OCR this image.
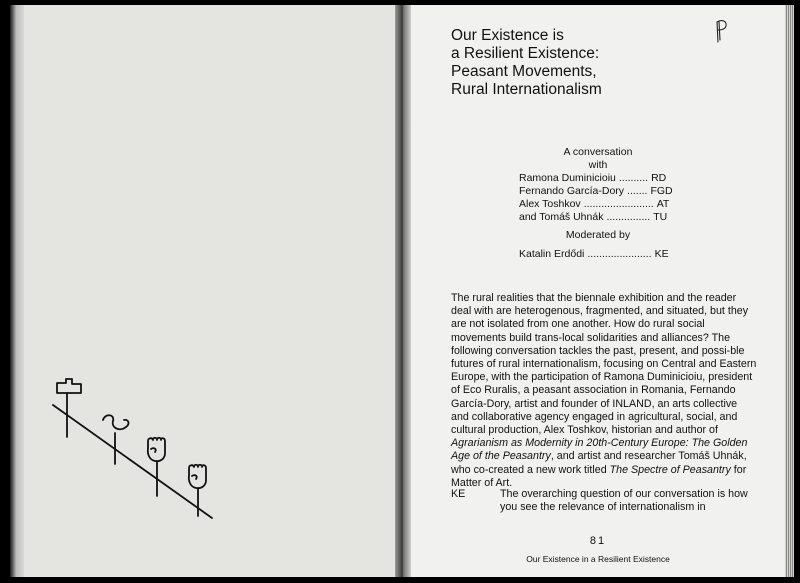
Our Existence is
a Resilient Existence:
Peasant Movements,
Rural Internationalism
A conversation
with
Ramona Duminicioiu .......... RD
Fernando García-Dory ....... FGD
Alex Toshkov ........................ AT
and Tomáš Uhnák ............... TU
Moderated by
Katalin Erdődi ...................... KE

The rural realities that the biennale exhibition and the reader deal with are heterogenous, fragmented, and situated, but they are not isolated from one another. How do rural social movements build trans-local solidarities and alliances? The following conversation tackles the past, present, and possi-ble futures of rural internationalism, focusing on Central and Eastern Europe, with the participation of Ramona Duminicioiu, president of Eco Ruralis, a peasant association in Romania, Fernando García-Dory, artist and founder of INLAND, an arts collective and collaborative agency engaged in agricultural, social, and cultural production, Alex Toshkov, historian and author of Agrarianism as Modernity in 20th-Century Europe: The Golden Age of the Peasantry, and artist and researcher Tomáš Uhnák, who co-created a new work titled The Spectre of Peasantry for Matter of Art.

KE	The overarching question of our conversation is how you see the relevance of internationalism in

81
Our Existence in a Resilient Existence
